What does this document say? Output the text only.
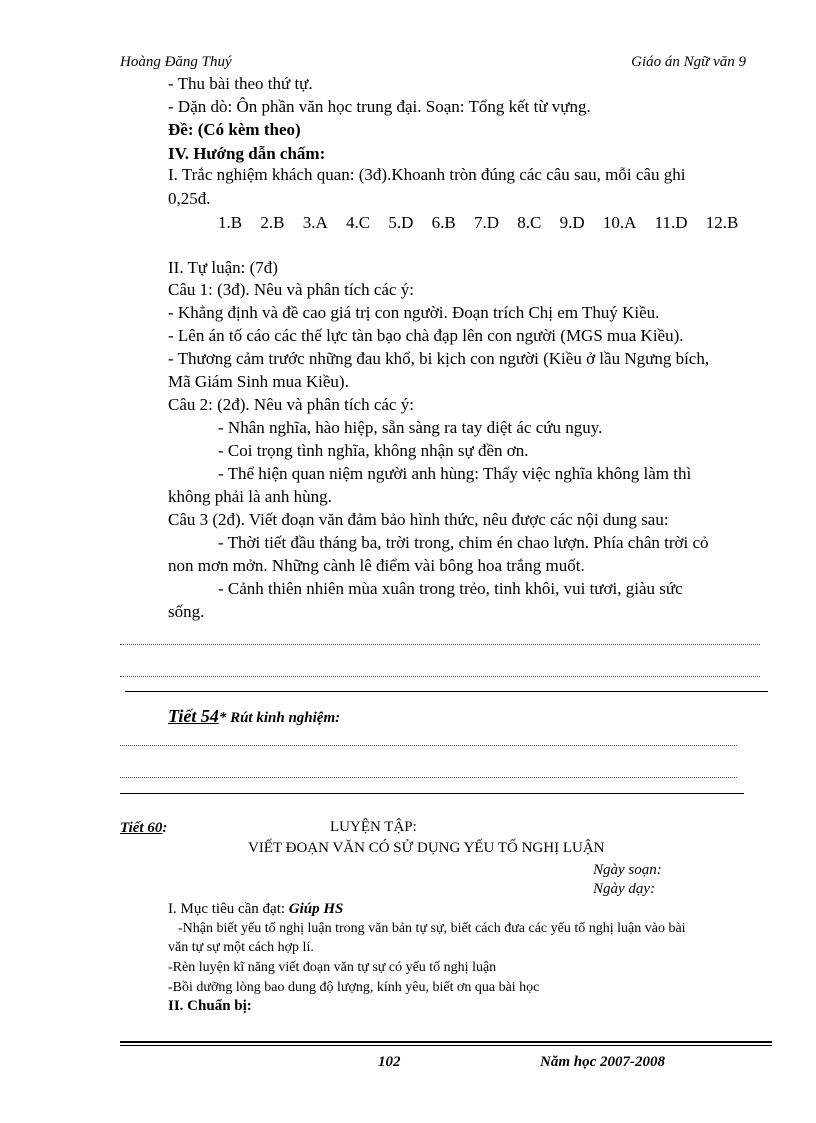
Hoàng Đăng Thuý	Giáo án Ngữ văn 9
- Thu bài theo thứ tự.
- Dặn dò: Ôn phần văn học trung đại. Soạn: Tổng kết từ vựng.
Đề: (Có kèm theo)
IV. Hướng dẫn chấm:
I. Trắc nghiệm khách quan: (3đ).Khoanh tròn đúng các câu sau, mỗi câu ghi
0,25đ.
1.B 2.B 3.A 4.C 5.D 6.B 7.D 8.C 9.D 10.A 11.D 12.B
II. Tự luận: (7đ)
Câu 1: (3đ). Nêu và phân tích các ý:
- Khẳng định và đề cao giá trị con người. Đoạn trích Chị em Thuý Kiều.
- Lên án tố cáo các thế lực tàn bạo chà đạp lên con người (MGS mua Kiều).
- Thương cảm trước những đau khổ, bi kịch con người (Kiều ở lầu Ngưng bích,
Mã Giám Sinh mua Kiều).
Câu 2: (2đ). Nêu và phân tích các ý:
- Nhân nghĩa, hào hiệp, sẵn sàng ra tay diệt ác cứu nguy.
- Coi trọng tình nghĩa, không nhận sự đền ơn.
- Thể hiện quan niệm người anh hùng: Thấy việc nghĩa không làm thì
không phải là anh hùng.
Câu 3 (2đ). Viết đoạn văn đảm bảo hình thức, nêu được các nội dung sau:
- Thời tiết đầu tháng ba, trời trong, chim én chao lượn. Phía chân trời cỏ
non mơn mởn. Những cành lê điểm vài bông hoa trắng muốt.
- Cảnh thiên nhiên mùa xuân trong trẻo, tinh khôi, vui tươi, giàu sức
sống.
Tiết 54* Rút kinh nghiệm:
Tiết 60:	LUYỆN TẬP:
VIẾT ĐOẠN VĂN CÓ SỬ DỤNG YẾU TỐ NGHỊ LUẬN
Ngày soạn:
Ngày dạy:
I. Mục tiêu cần đạt: Giúp HS
-Nhận biết yếu tố nghị luận trong văn bản tự sự, biết cách đưa các yếu tố nghị luận vào bài
văn tự sự một cách hợp lí.
-Rèn luyện kĩ năng viết đoạn văn tự sự có yếu tố nghị luận
-Bồi dưỡng lòng bao dung độ lượng, kính yêu, biết ơn qua bài học
II. Chuẩn bị:
102	Năm học 2007-2008
